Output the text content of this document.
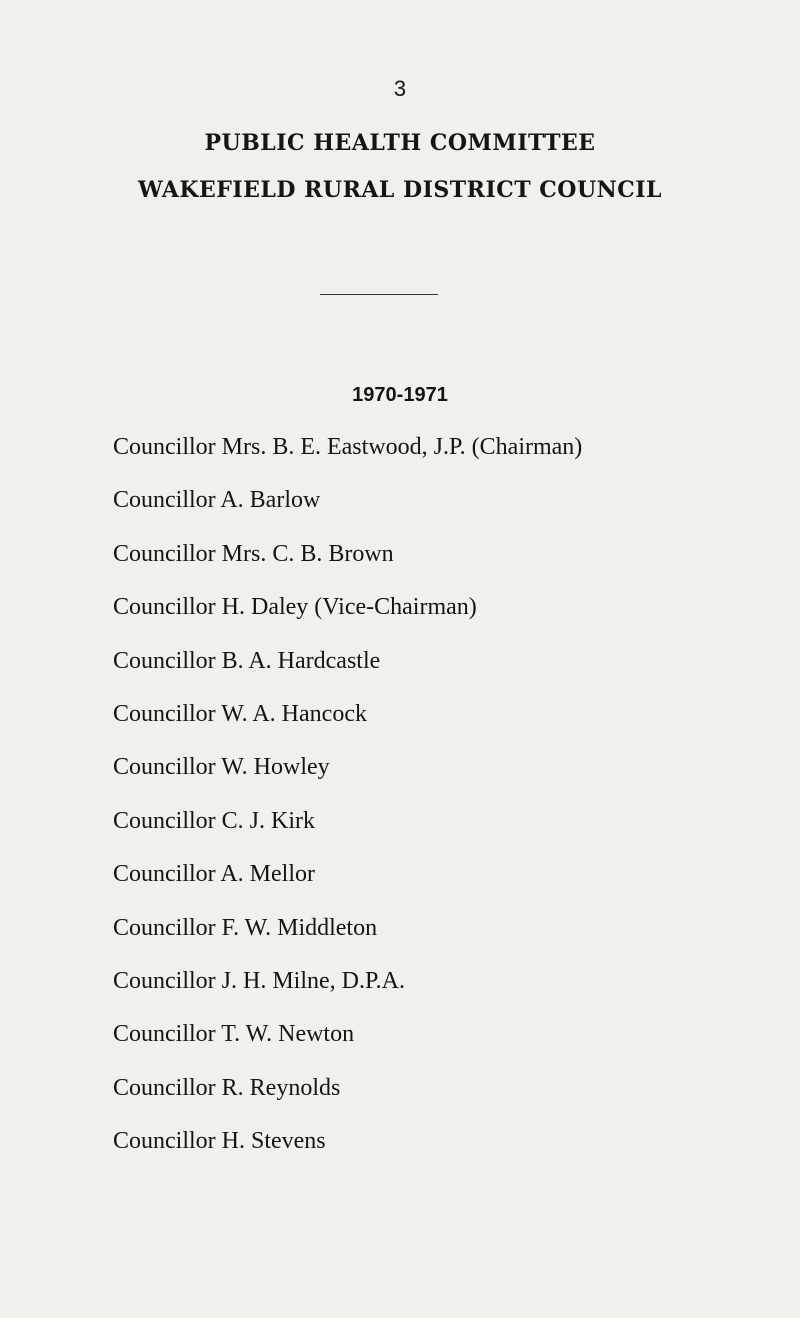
3
PUBLIC HEALTH COMMITTEE
WAKEFIELD RURAL DISTRICT COUNCIL
1970-1971
Councillor Mrs. B. E. Eastwood, J.P. (Chairman)
Councillor A. Barlow
Councillor Mrs. C. B. Brown
Councillor H. Daley (Vice-Chairman)
Councillor B. A. Hardcastle
Councillor W. A. Hancock
Councillor W. Howley
Councillor C. J. Kirk
Councillor A. Mellor
Councillor F. W. Middleton
Councillor J. H. Milne, D.P.A.
Councillor T. W. Newton
Councillor R. Reynolds
Councillor H. Stevens
